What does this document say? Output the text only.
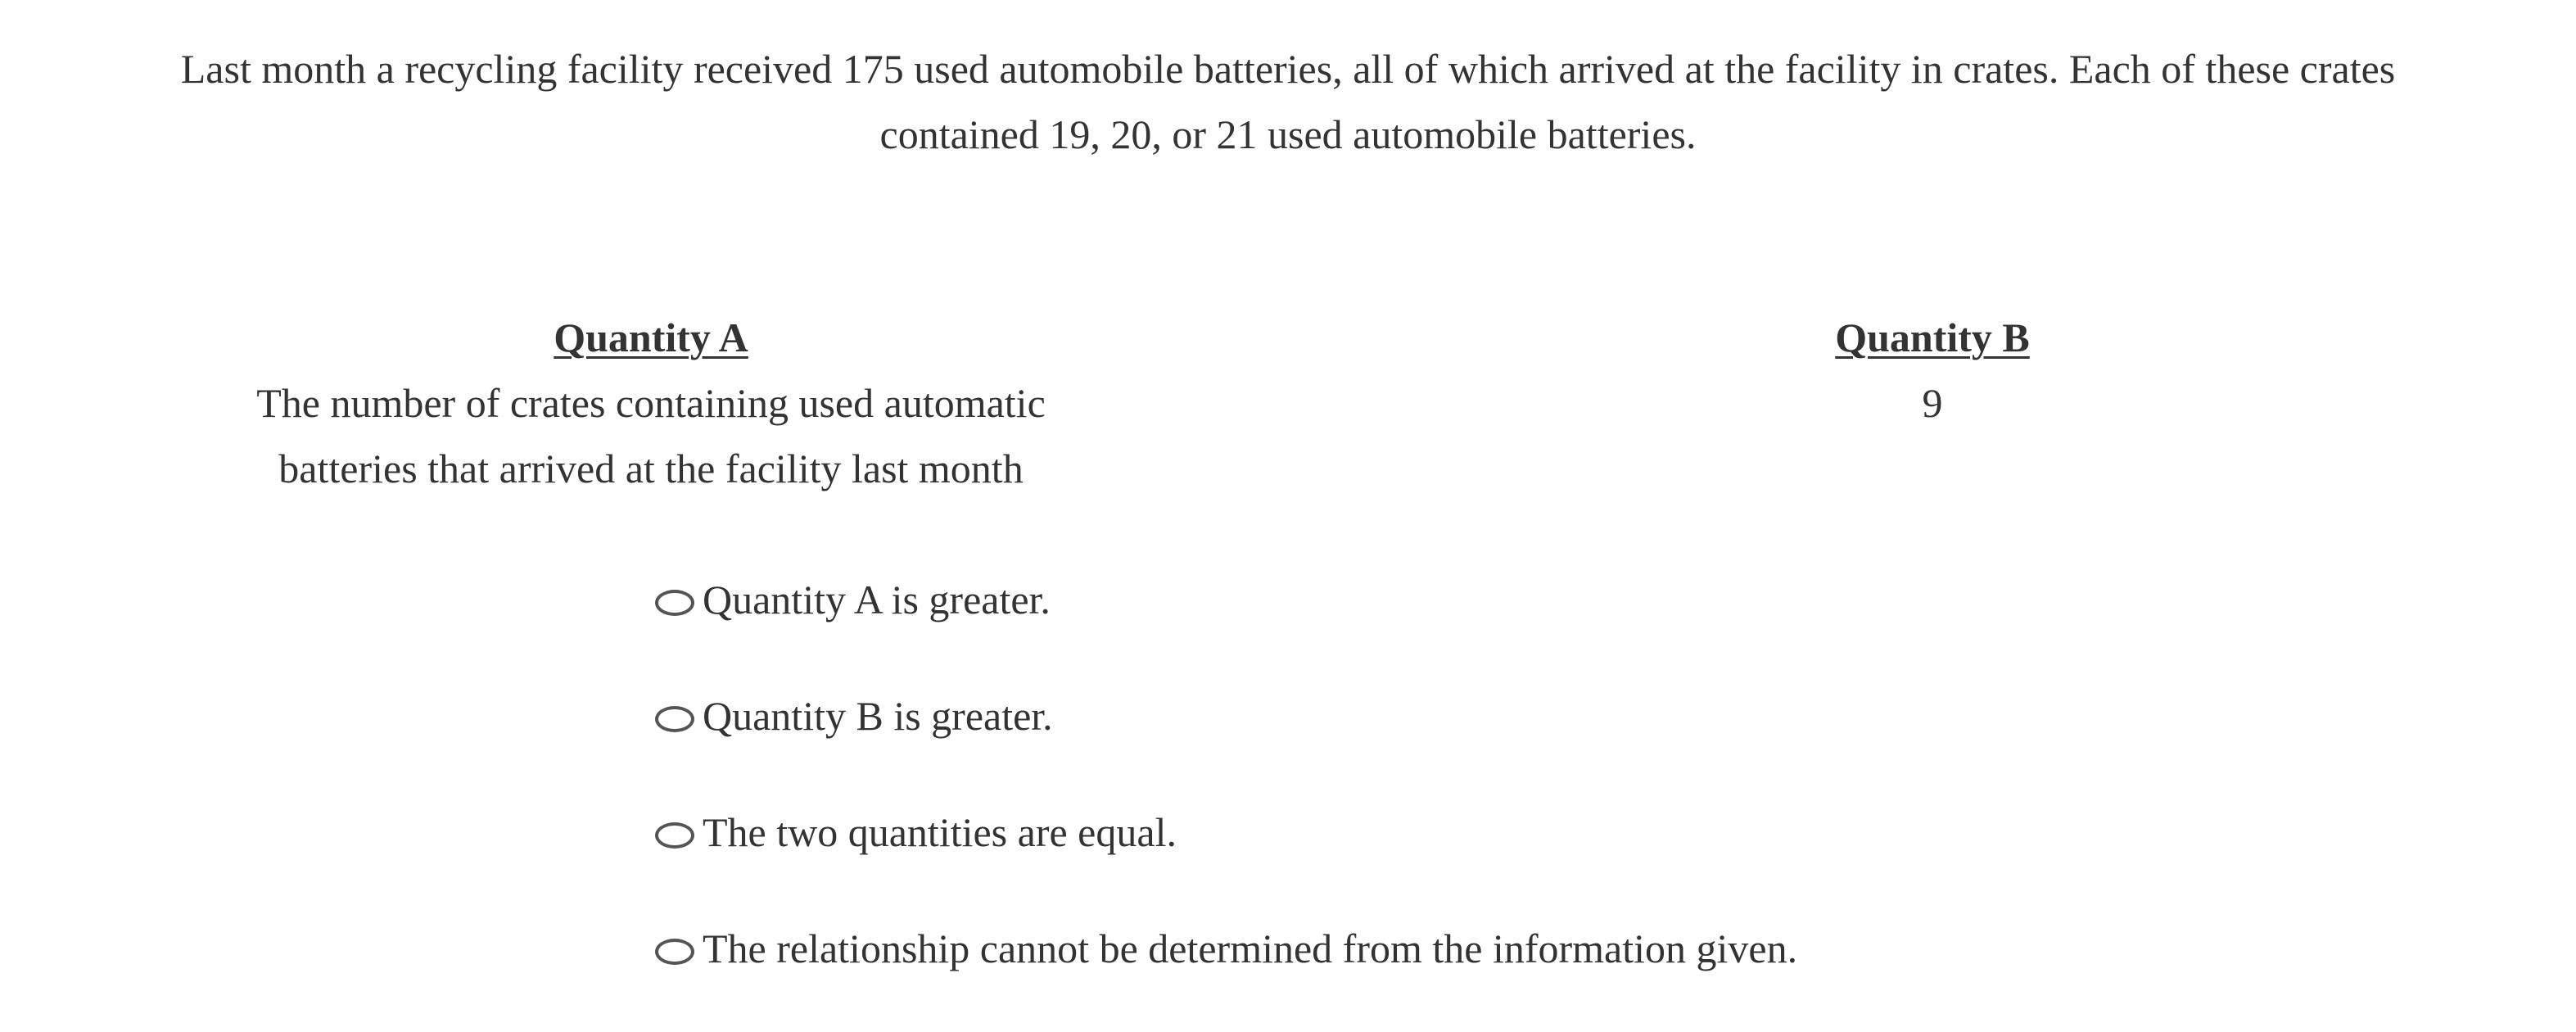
Last month a recycling facility received 175 used automobile batteries, all of which arrived at the facility in crates. Each of these crates contained 19, 20, or 21 used automobile batteries.
Quantity A
The number of crates containing used automatic batteries that arrived at the facility last month
Quantity B
9
Quantity A is greater.
Quantity B is greater.
The two quantities are equal.
The relationship cannot be determined from the information given.
